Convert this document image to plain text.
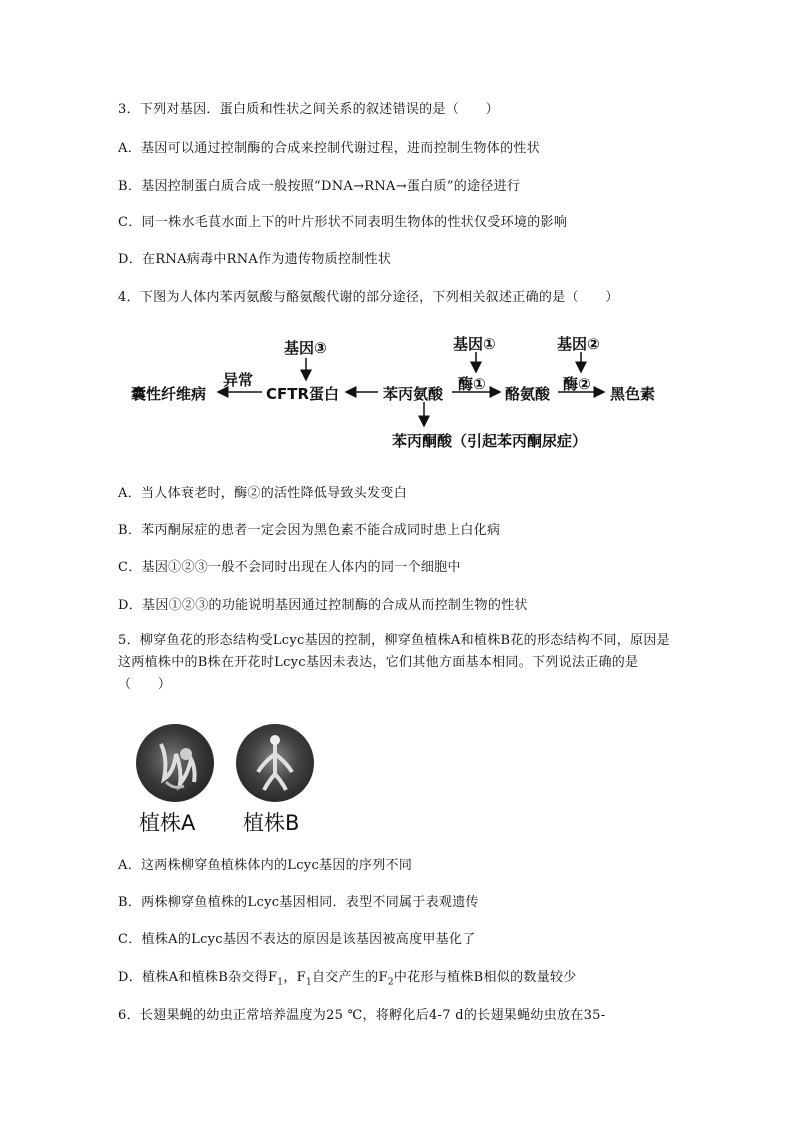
3．下列对基因．蛋白质和性状之间关系的叙述错误的是（　　）
A．基因可以通过控制酶的合成来控制代谢过程，进而控制生物体的性状
B．基因控制蛋白质合成一般按照“DNA→RNA→蛋白质”的途径进行
C．同一株水毛茛水面上下的叶片形状不同表明生物体的性状仅受环境的影响
D．在RNA病毒中RNA作为遗传物质控制性状
4．下图为人体内苯丙氨酸与酪氨酸代谢的部分途径，下列相关叙述正确的是（　　）
基因③	基因①	基因②
异常
囊性纤维病	CFTR蛋白	苯丙氨酸
酶①
酪氨酸
酶②
黑色素
苯丙酮酸（引起苯丙酮尿症）
A．当人体衰老时，酶②的活性降低导致头发变白
B．苯丙酮尿症的患者一定会因为黑色素不能合成同时患上白化病
C．基因①②③一般不会同时出现在人体内的同一个细胞中
D．基因①②③的功能说明基因通过控制酶的合成从而控制生物的性状
5．柳穿鱼花的形态结构受Lcyc基因的控制，柳穿鱼植株A和植株B花的形态结构不同，原因是这两植株中的B株在开花时Lcyc基因未表达，它们其他方面基本相同。下列说法正确的是（　　）
植株A 植株B
A．这两株柳穿鱼植株体内的Lcyc基因的序列不同
B．两株柳穿鱼植株的Lcyc基因相同．表型不同属于表观遗传
C．植株A的Lcyc基因不表达的原因是该基因被高度甲基化了
D．植株A和植株B杂交得$F_1$，$F_1$自交产生的$F_2$中花形与植株B相似的数量较少
6．长翅果蝇的幼虫正常培养温度为25 ℃，将孵化后4-7 d的长翅果蝇幼虫放在35-
